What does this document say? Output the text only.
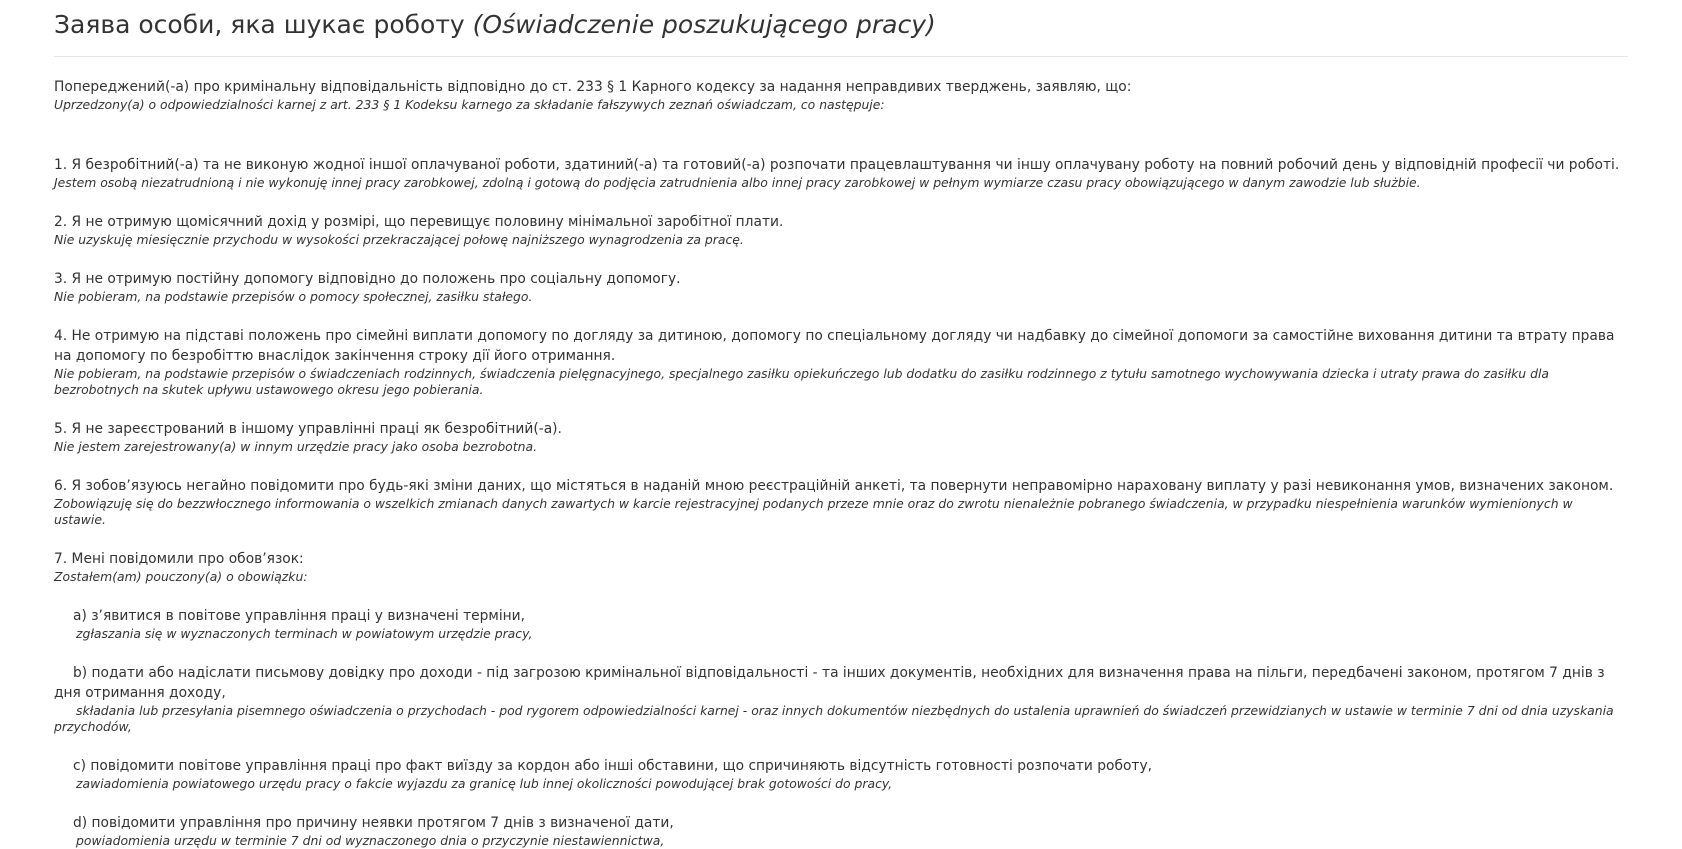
Заява особи, яка шукає роботу (Oświadczenie poszukującego pracy)
Попереджений(-а) про кримінальну відповідальність відповідно до ст. 233 § 1 Карного кодексу за надання неправдивих тверджень, заявляю, що:
Uprzedzony(a) o odpowiedzialności karnej z art. 233 § 1 Kodeksu karnego za składanie fałszywych zeznań oświadczam, co następuje:
1. Я безробітний(-а) та не виконую жодної іншої оплачуваної роботи, здатиний(-а) та готовий(-а) розпочати працевлаштування чи іншу оплачувану роботу на повний робочий день у відповідній професії чи роботі.
Jestem osobą niezatrudnioną i nie wykonuję innej pracy zarobkowej, zdolną i gotową do podjęcia zatrudnienia albo innej pracy zarobkowej w pełnym wymiarze czasu pracy obowiązującego w danym zawodzie lub służbie.
2. Я не отримую щомісячний дохід у розмірі, що перевищує половину мінімальної заробітної плати.
Nie uzyskuję miesięcznie przychodu w wysokości przekraczającej połowę najniższego wynagrodzenia za pracę.
3. Я не отримую постійну допомогу відповідно до положень про соціальну допомогу.
Nie pobieram, na podstawie przepisów o pomocy społecznej, zasiłku stałego.
4. Не отримую на підставі положень про сімейні виплати допомогу по догляду за дитиною, допомогу по спеціальному догляду чи надбавку до сімейної допомоги за самостійне виховання дитини та втрату права на допомогу по безробіттю внаслідок закінчення строку дії його отримання.
Nie pobieram, na podstawie przepisów o świadczeniach rodzinnych, świadczenia pielęgnacyjnego, specjalnego zasiłku opiekuńczego lub dodatku do zasiłku rodzinnego z tytułu samotnego wychowywania dziecka i utraty prawa do zasiłku dla bezrobotnych na skutek upływu ustawowego okresu jego pobierania.
5. Я не зареєстрований в іншому управлінні праці як безробітний(-а).
Nie jestem zarejestrowany(a) w innym urzędzie pracy jako osoba bezrobotna.
6. Я зобов’язуюсь негайно повідомити про будь-які зміни даних, що містяться в наданій мною реєстраційній анкеті, та повернути неправомірно нараховану виплату у разі невиконання умов, визначених законом.
Zobowiązuję się do bezzwłocznego informowania o wszelkich zmianach danych zawartych w karcie rejestracyjnej podanych przeze mnie oraz do zwrotu nienależnie pobranego świadczenia, w przypadku niespełnienia warunków wymienionych w ustawie.
7. Мені повідомили про обов’язок:
Zostałem(am) pouczony(a) o obowiązku:
a) з’явитися в повітове управління праці у визначені терміни,
zgłaszania się w wyznaczonych terminach w powiatowym urzędzie pracy,
b) подати або надіслати письмову довідку про доходи - під загрозою кримінальної відповідальності - та інших документів, необхідних для визначення права на пільги, передбачені законом, протягом 7 днів з дня отримання доходу,
składania lub przesyłania pisemnego oświadczenia o przychodach - pod rygorem odpowiedzialności karnej - oraz innych dokumentów niezbędnych do ustalenia uprawnień do świadczeń przewidzianych w ustawie w terminie 7 dni od dnia uzyskania przychodów,
c) повідомити повітове управління праці про факт виїзду за кордон або інші обставини, що спричиняють відсутність готовності розпочати роботу,
zawiadomienia powiatowego urzędu pracy o fakcie wyjazdu za granicę lub innej okoliczności powodującej brak gotowości do pracy,
d) повідомити управління про причину неявки протягом 7 днів з визначеної дати,
powiadomienia urzędu w terminie 7 dni od wyznaczonego dnia o przyczynie niestawiennictwa,
